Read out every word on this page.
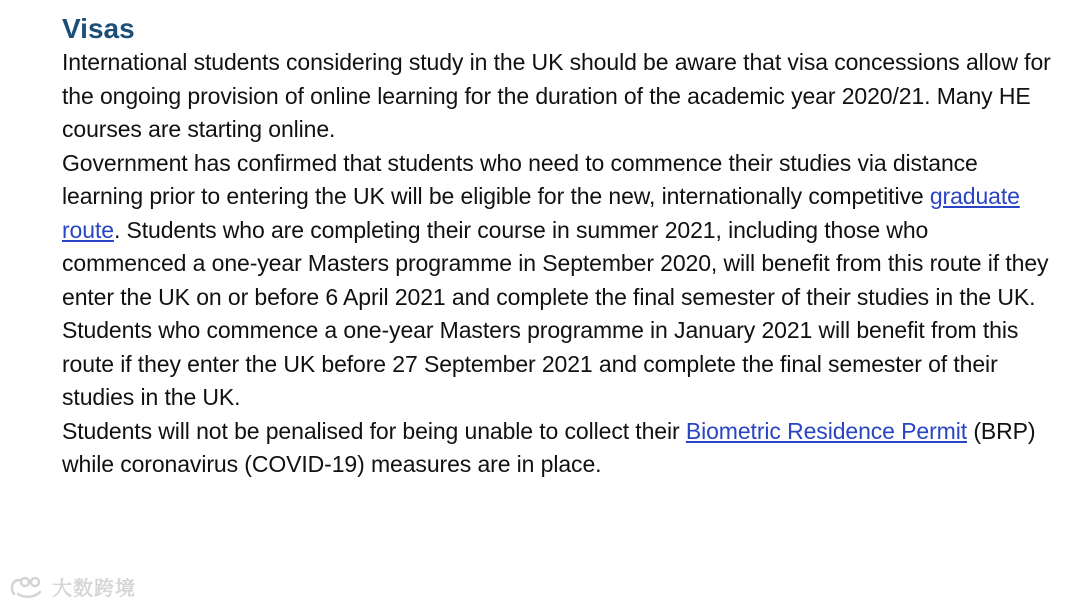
Visas

International students considering study in the UK should be aware that visa concessions allow for the ongoing provision of online learning for the duration of the academic year 2020/21. Many HE courses are starting online.

Government has confirmed that students who need to commence their studies via distance learning prior to entering the UK will be eligible for the new, internationally competitive graduate route. Students who are completing their course in summer 2021, including those who commenced a one-year Masters programme in September 2020, will benefit from this route if they enter the UK on or before 6 April 2021 and complete the final semester of their studies in the UK. Students who commence a one-year Masters programme in January 2021 will benefit from this route if they enter the UK before 27 September 2021 and complete the final semester of their studies in the UK.

Students will not be penalised for being unable to collect their Biometric Residence Permit (BRP) while coronavirus (COVID-19) measures are in place.

大数跨境
